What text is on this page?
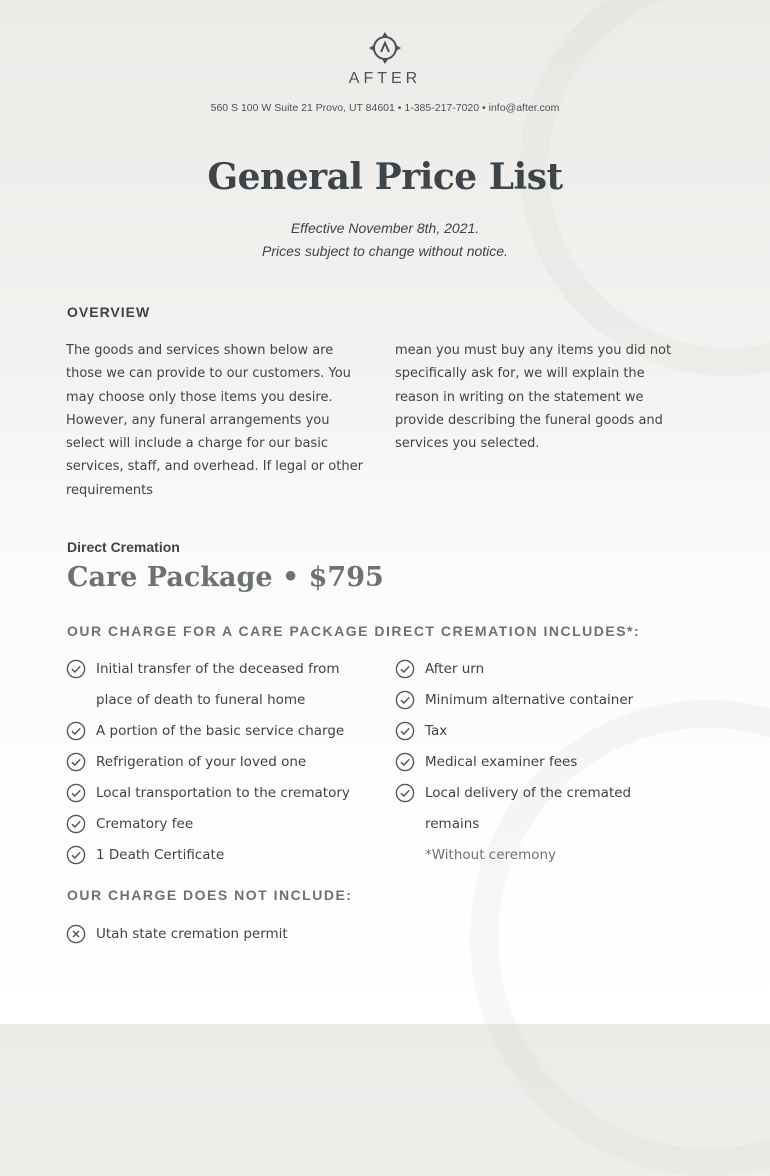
AFTER
560 S 100 W Suite 21 Provo, UT 84601 • 1-385-217-7020 • info@after.com
General Price List
Effective November 8th, 2021.
Prices subject to change without notice.
OVERVIEW

The goods and services shown below are

those we can provide to our customers. You

may choose only those items you desire.

However, any funeral arrangements you

select will include a charge for our basic

services, staff, and overhead. If legal or other

requirements

mean you must buy any items you did not

specifically ask for, we will explain the

reason in writing on the statement we

provide describing the funeral goods and

services you selected.

Direct Cremation
Care Package • $795
OUR CHARGE FOR A CARE PACKAGE DIRECT CREMATION INCLUDES*:
Initial transfer of the deceased from
place of death to funeral home
A portion of the basic service charge
Refrigeration of your loved one
Local transportation to the crematory
Crematory fee
1 Death Certificate
After urn
Minimum alternative container
Tax
Medical examiner fees
Local delivery of the cremated
remains
*Without ceremony
OUR CHARGE DOES NOT INCLUDE:
Utah state cremation permit
